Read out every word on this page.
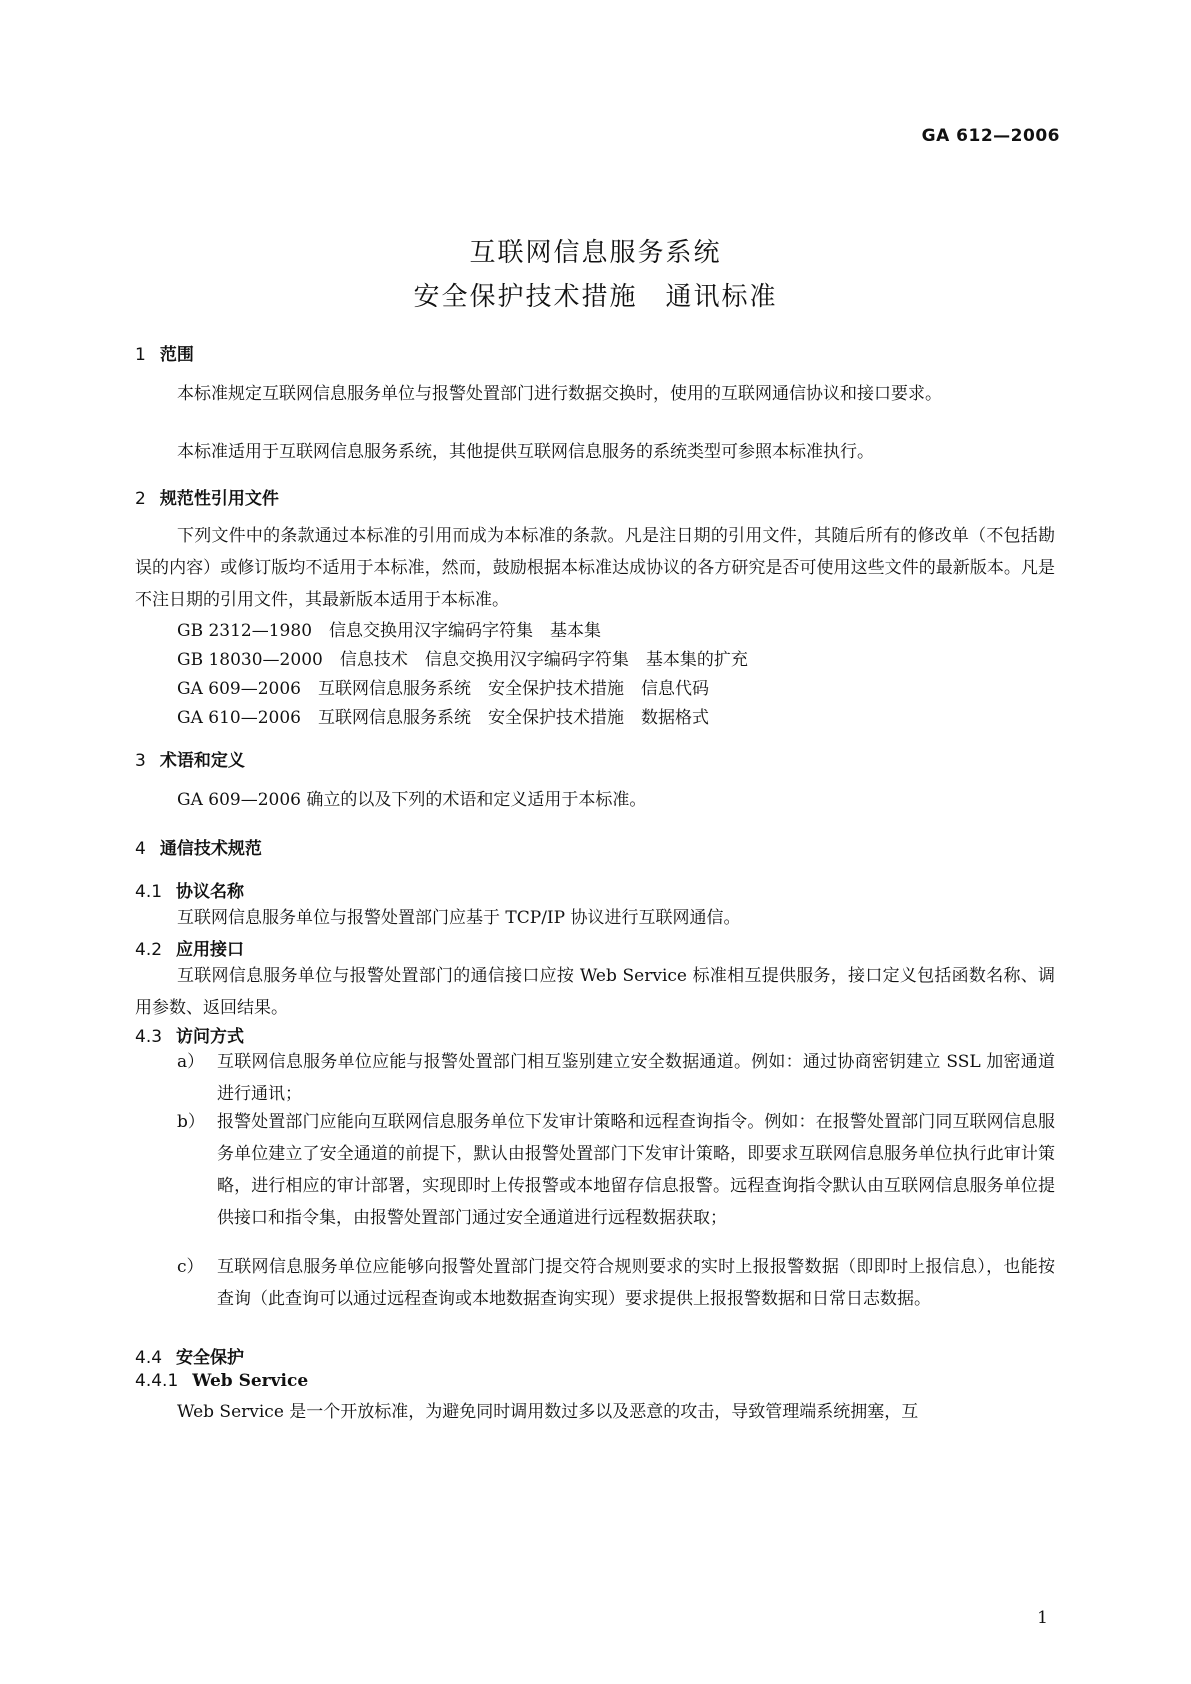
GA 612—2006
互联网信息服务系统
安全保护技术措施　通讯标准
1 范围
本标准规定互联网信息服务单位与报警处置部门进行数据交换时，使用的互联网通信协议和接口要求。
本标准适用于互联网信息服务系统，其他提供互联网信息服务的系统类型可参照本标准执行。
2 规范性引用文件
下列文件中的条款通过本标准的引用而成为本标准的条款。凡是注日期的引用文件，其随后所有的修改单（不包括勘误的内容）或修订版均不适用于本标准，然而，鼓励根据本标准达成协议的各方研究是否可使用这些文件的最新版本。凡是不注日期的引用文件，其最新版本适用于本标准。
GB 2312—1980　信息交换用汉字编码字符集　基本集
GB 18030—2000　信息技术　信息交换用汉字编码字符集　基本集的扩充
GA 609—2006　互联网信息服务系统　安全保护技术措施　信息代码
GA 610—2006　互联网信息服务系统　安全保护技术措施　数据格式
3 术语和定义
GA 609—2006 确立的以及下列的术语和定义适用于本标准。
4 通信技术规范
4.1 协议名称
互联网信息服务单位与报警处置部门应基于 TCP/IP 协议进行互联网通信。
4.2 应用接口
互联网信息服务单位与报警处置部门的通信接口应按 Web Service 标准相互提供服务，接口定义包括函数名称、调用参数、返回结果。
4.3 访问方式
a） 互联网信息服务单位应能与报警处置部门相互鉴别建立安全数据通道。例如：通过协商密钥建立 SSL 加密通道进行通讯；
b） 报警处置部门应能向互联网信息服务单位下发审计策略和远程查询指令。例如：在报警处置部门同互联网信息服务单位建立了安全通道的前提下，默认由报警处置部门下发审计策略，即要求互联网信息服务单位执行此审计策略，进行相应的审计部署，实现即时上传报警或本地留存信息报警。远程查询指令默认由互联网信息服务单位提供接口和指令集，由报警处置部门通过安全通道进行远程数据获取；
c） 互联网信息服务单位应能够向报警处置部门提交符合规则要求的实时上报报警数据（即即时上报信息），也能按查询（此查询可以通过远程查询或本地数据查询实现）要求提供上报报警数据和日常日志数据。
4.4 安全保护
4.4.1 Web Service
Web Service 是一个开放标准，为避免同时调用数过多以及恶意的攻击，导致管理端系统拥塞，互
1
